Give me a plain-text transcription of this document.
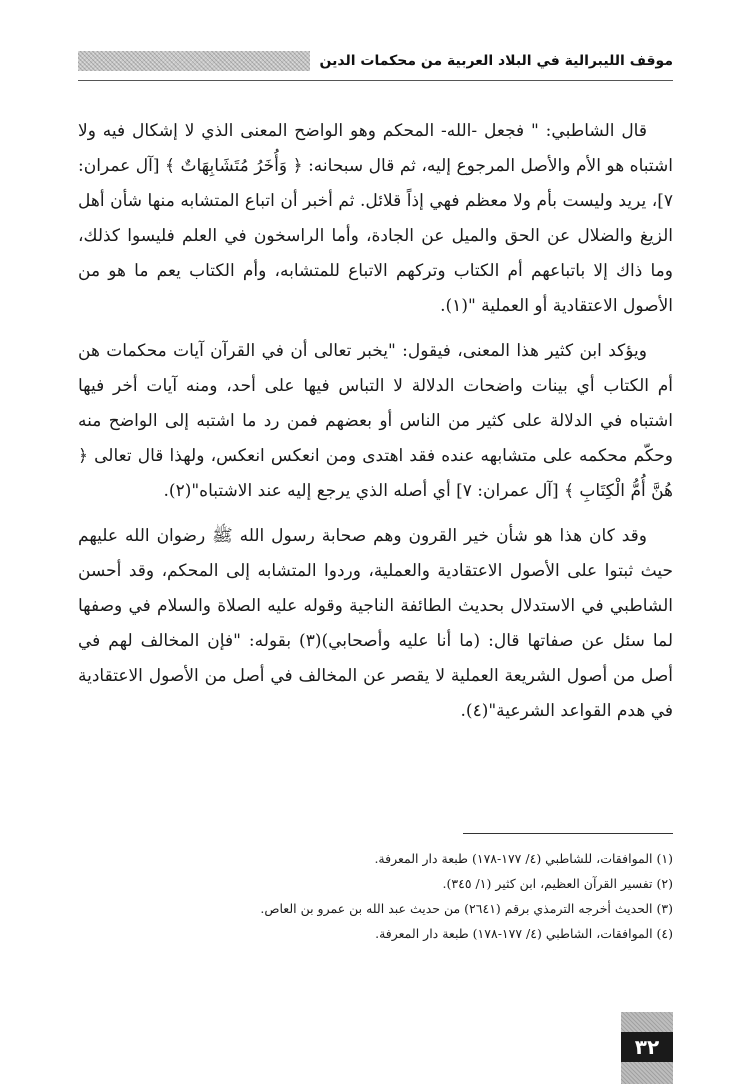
موقف الليبرالية في البلاد العربية من محكمات الدين

قال الشاطبي: " فجعل -الله- المحكم وهو الواضح المعنى الذي لا إشكال فيه ولا اشتباه هو الأم والأصل المرجوع إليه، ثم قال سبحانه: ﴿ وَأُخَرُ مُتَشَابِهَاتٌ ﴾ [آل عمران: ٧]، يريد وليست بأم ولا معظم فهي إذاً قلائل. ثم أخبر أن اتباع المتشابه منها شأن أهل الزيغ والضلال عن الحق والميل عن الجادة، وأما الراسخون في العلم فليسوا كذلك، وما ذاك إلا باتباعهم أم الكتاب وتركهم الاتباع للمتشابه، وأم الكتاب يعم ما هو من الأصول الاعتقادية أو العملية "(١).

ويؤكد ابن كثير هذا المعنى، فيقول: "يخبر تعالى أن في القرآن آيات محكمات هن أم الكتاب أي بينات واضحات الدلالة لا التباس فيها على أحد، ومنه آيات أخر فيها اشتباه في الدلالة على كثير من الناس أو بعضهم فمن رد ما اشتبه إلى الواضح منه وحكّم محكمه على متشابهه عنده فقد اهتدى ومن انعكس انعكس، ولهذا قال تعالى ﴿ هُنَّ أُمُّ الْكِتَابِ ﴾ [آل عمران: ٧] أي أصله الذي يرجع إليه عند الاشتباه"(٢).

وقد كان هذا هو شأن خير القرون وهم صحابة رسول الله ﷺ رضوان الله عليهم حيث ثبتوا على الأصول الاعتقادية والعملية، وردوا المتشابه إلى المحكم، وقد أحسن الشاطبي في الاستدلال بحديث الطائفة الناجية وقوله عليه الصلاة والسلام في وصفها لما سئل عن صفاتها قال: (ما أنا عليه وأصحابي)(٣) بقوله: "فإن المخالف لهم في أصل من أصول الشريعة العملية لا يقصر عن المخالف في أصل من الأصول الاعتقادية في هدم القواعد الشرعية"(٤).

(١) الموافقات، للشاطبي (٤/ ١٧٧-١٧٨) طبعة دار المعرفة.

(٢) تفسير القرآن العظيم، ابن كثير (١/ ٣٤٥).

(٣) الحديث أخرجه الترمذي برقم (٢٦٤١) من حديث عبد الله بن عمرو بن العاص.

(٤) الموافقات، الشاطبي (٤/ ١٧٧-١٧٨) طبعة دار المعرفة.

٣٢
